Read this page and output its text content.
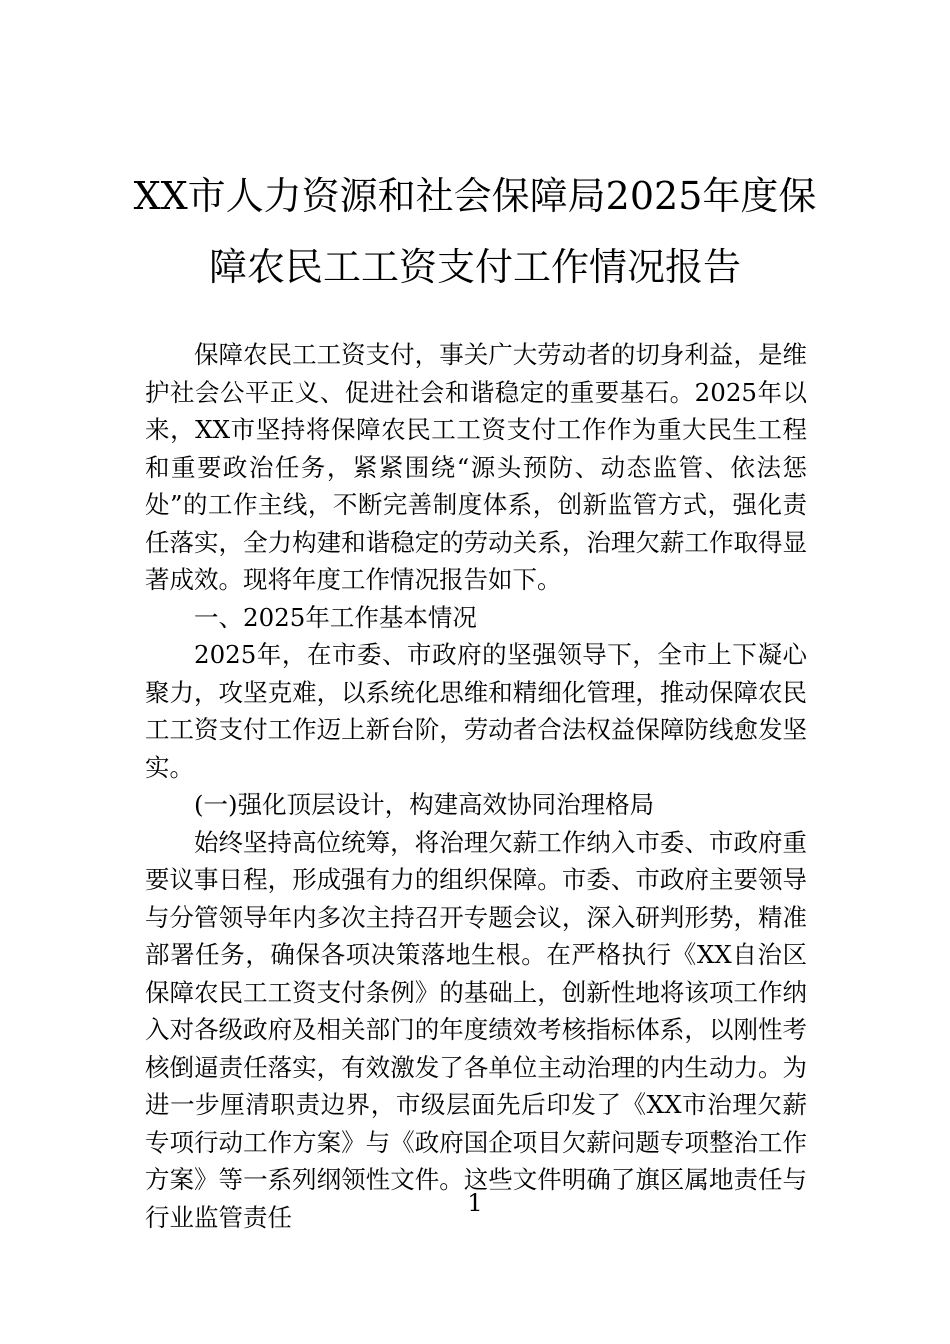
XX市人力资源和社会保障局2025年度保
障农民工工资支付工作情况报告

保障农民工工资支付，事关广大劳动者的切身利益，是维护社会公平正义、促进社会和谐稳定的重要基石。2025年以来，XX市坚持将保障农民工工资支付工作作为重大民生工程和重要政治任务，紧紧围绕“源头预防、动态监管、依法惩处”的工作主线，不断完善制度体系，创新监管方式，强化责任落实，全力构建和谐稳定的劳动关系，治理欠薪工作取得显著成效。现将年度工作情况报告如下。

一、2025年工作基本情况

2025年，在市委、市政府的坚强领导下，全市上下凝心聚力，攻坚克难，以系统化思维和精细化管理，推动保障农民工工资支付工作迈上新台阶，劳动者合法权益保障防线愈发坚实。

(一)强化顶层设计，构建高效协同治理格局

始终坚持高位统筹，将治理欠薪工作纳入市委、市政府重要议事日程，形成强有力的组织保障。市委、市政府主要领导与分管领导年内多次主持召开专题会议，深入研判形势，精准部署任务，确保各项决策落地生根。在严格执行《XX自治区保障农民工工资支付条例》的基础上，创新性地将该项工作纳入对各级政府及相关部门的年度绩效考核指标体系，以刚性考核倒逼责任落实，有效激发了各单位主动治理的内生动力。为进一步厘清职责边界，市级层面先后印发了《XX市治理欠薪专项行动工作方案》与《政府国企项目欠薪问题专项整治工作方案》等一系列纲领性文件。这些文件明确了旗区属地责任与行业监管责任	1
